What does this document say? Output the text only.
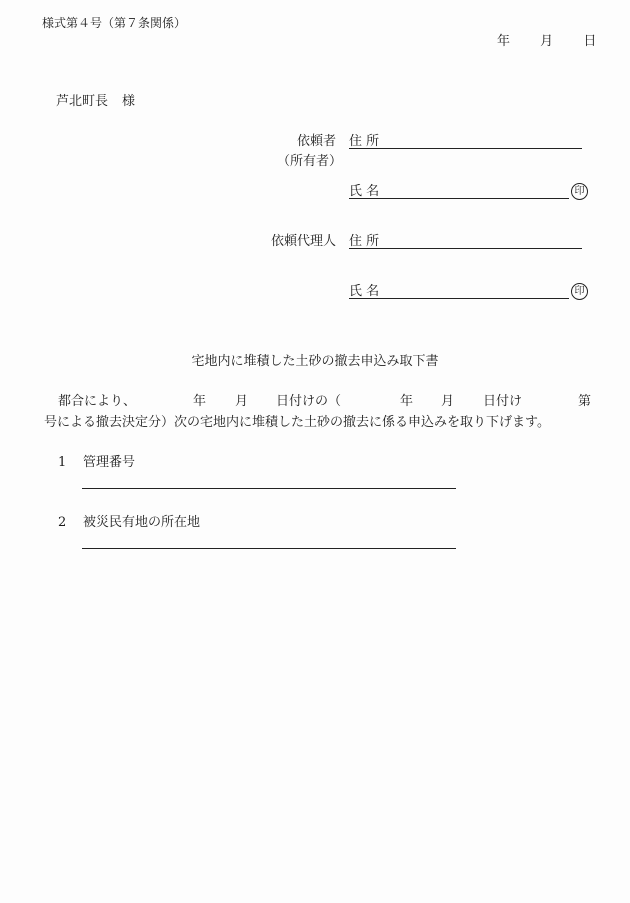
様式第４号（第７条関係）
年 月 日
芦北町長 様
依頼者
（所有者）
住 所
氏 名	印
依頼代理人 住 所
氏 名	印
宅地内に堆積した土砂の撤去申込み取下書
都合により、	年 月 日付けの（	年 月 日付け	第
号による撤去決定分）次の宅地内に堆積した土砂の撤去に係る申込みを取り下げます。
1 管理番号
2 被災民有地の所在地
